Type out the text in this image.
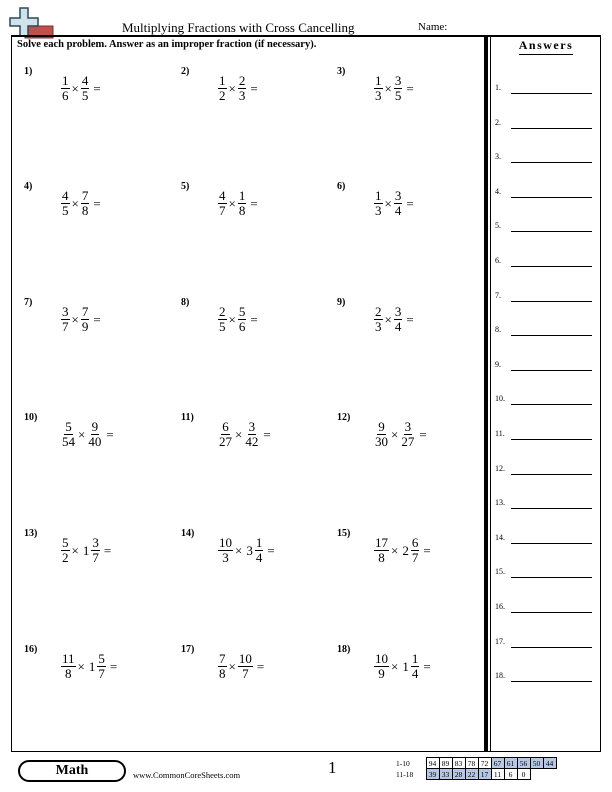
Multiplying Fractions with Cross Cancelling	Name:
Solve each problem. Answer as an improper fraction (if necessary).	Answers
1.
2.
3.
4.
5.
6.
7.
8.
9.
10.
11.
12.
13.
14.
15.
16.
17.
18.
1)
$\frac{1}{6} \times \frac{4}{5}$ =
2)
$\frac{1}{2} \times \frac{2}{3}$ =
3)
$\frac{1}{3} \times \frac{3}{5}$ =
4)
$\frac{4}{5} \times \frac{7}{8}$ =
5)
$\frac{4}{7} \times \frac{1}{8}$ =
6)
$\frac{1}{3} \times \frac{3}{4}$ =
7)
$\frac{3}{7} \times \frac{7}{9}$ =
8)
$\frac{2}{5} \times \frac{5}{6}$ =
9)
$\frac{2}{3} \times \frac{3}{4}$ =
10)
$\frac{5}{54} \times \frac{9}{40}$ =
11)
$\frac{6}{27} \times \frac{3}{42}$ =
12)
$\frac{9}{30} \times \frac{3}{27}$ =
13)
$\frac{5}{2} \times 1 \frac{3}{7}$ =
14)
$\frac{10}{3} \times 3 \frac{1}{4}$ =
15)
$\frac{17}{8} \times 2 \frac{6}{7}$ =
16)
$\frac{11}{8} \times 1 \frac{5}{7}$ =
17)
$\frac{7}{8} \times \frac{10}{7}$ =
18)
$\frac{10}{9} \times 1 \frac{1}{4}$ =
Math	www.CommonCoreSheets.com	1	1-10	94	89	83	78	72	67	61	56	50	44
11-18	39	33	28	22	17	11	6	0		
